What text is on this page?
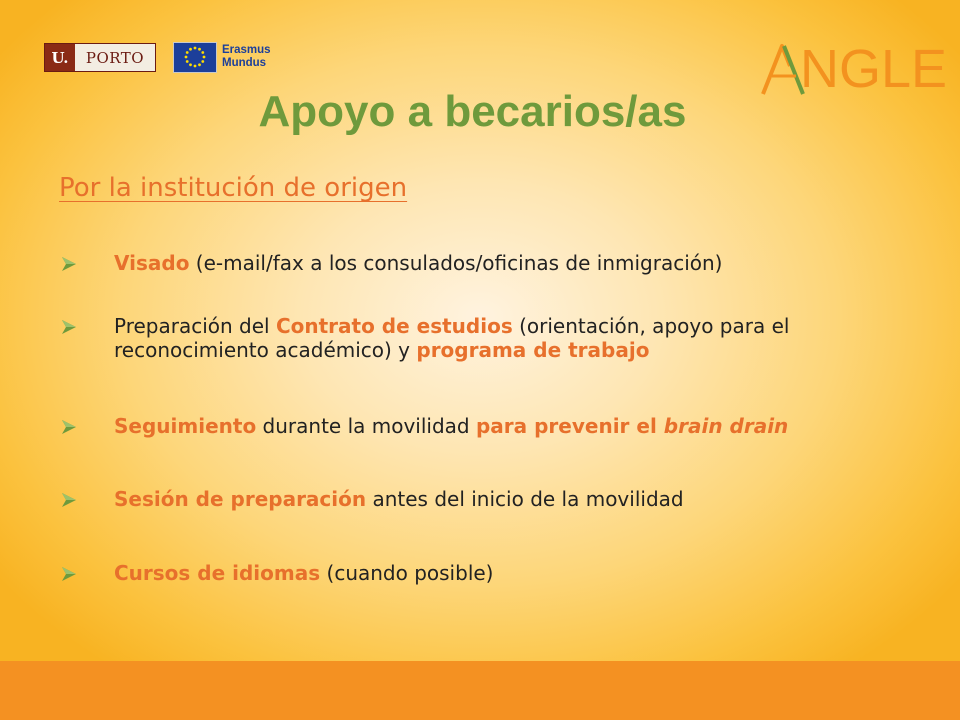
U.	PORTO	Erasmus
Mundus	NGLE
Apoyo a becarios/as
Por la institución de origen
Visado (e-mail/fax a los consulados/oficinas de inmigración)
Preparación del Contrato de estudios (orientación, apoyo para el reconocimiento académico) y programa de trabajo
Seguimiento durante la movilidad para prevenir el brain drain
Sesión de preparación antes del inicio de la movilidad
Cursos de idiomas (cuando posible)
